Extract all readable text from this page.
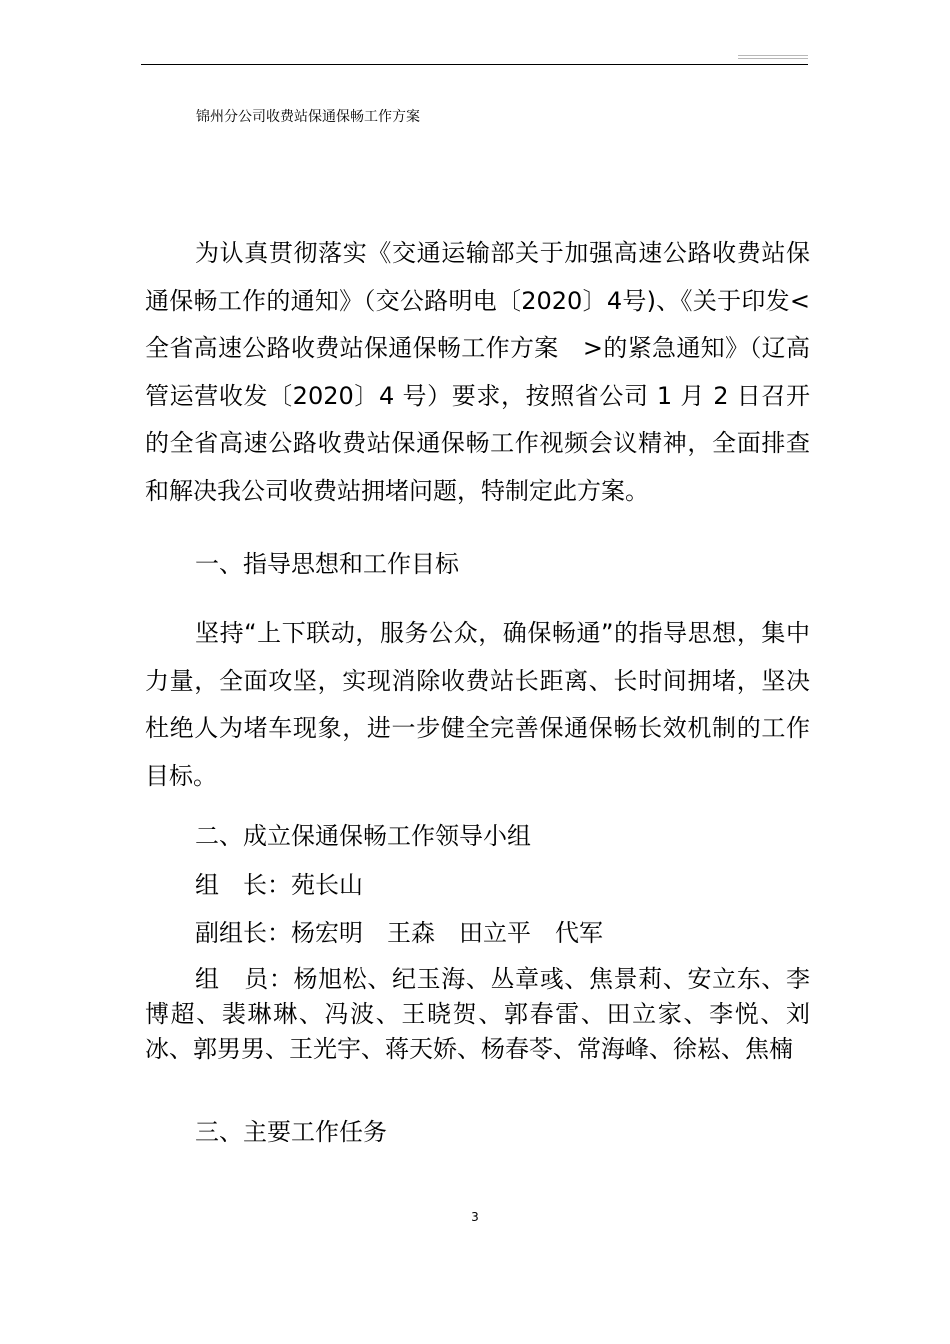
锦州分公司收费站保通保畅工作方案

为认真贯彻落实《交通运输部关于加强高速公路收费站保通保畅工作的通知》（交公路明电〔2020〕4号)、《关于印发<全省高速公路收费站保通保畅工作方案　>的紧急通知》（辽高管运营收发〔2020〕4 号）要求，按照省公司 1 月 2 日召开的全省高速公路收费站保通保畅工作视频会议精神，全面排查和解决我公司收费站拥堵问题，特制定此方案。

一、指导思想和工作目标

坚持“上下联动，服务公众，确保畅通”的指导思想，集中力量，全面攻坚，实现消除收费站长距离、长时间拥堵，坚决杜绝人为堵车现象，进一步健全完善保通保畅长效机制的工作目标。

二、成立保通保畅工作领导小组

组　长：苑长山

副组长：杨宏明 王森 田立平 代军

组　员：杨旭松、纪玉海、丛章彧、焦景莉、安立东、李博超、裴琳琳、冯波、王晓贺、郭春雷、田立家、李悦、刘冰、郭男男、王光宇、蒋天娇、杨春苓、常海峰、徐崧、焦楠

三、主要工作任务

3
